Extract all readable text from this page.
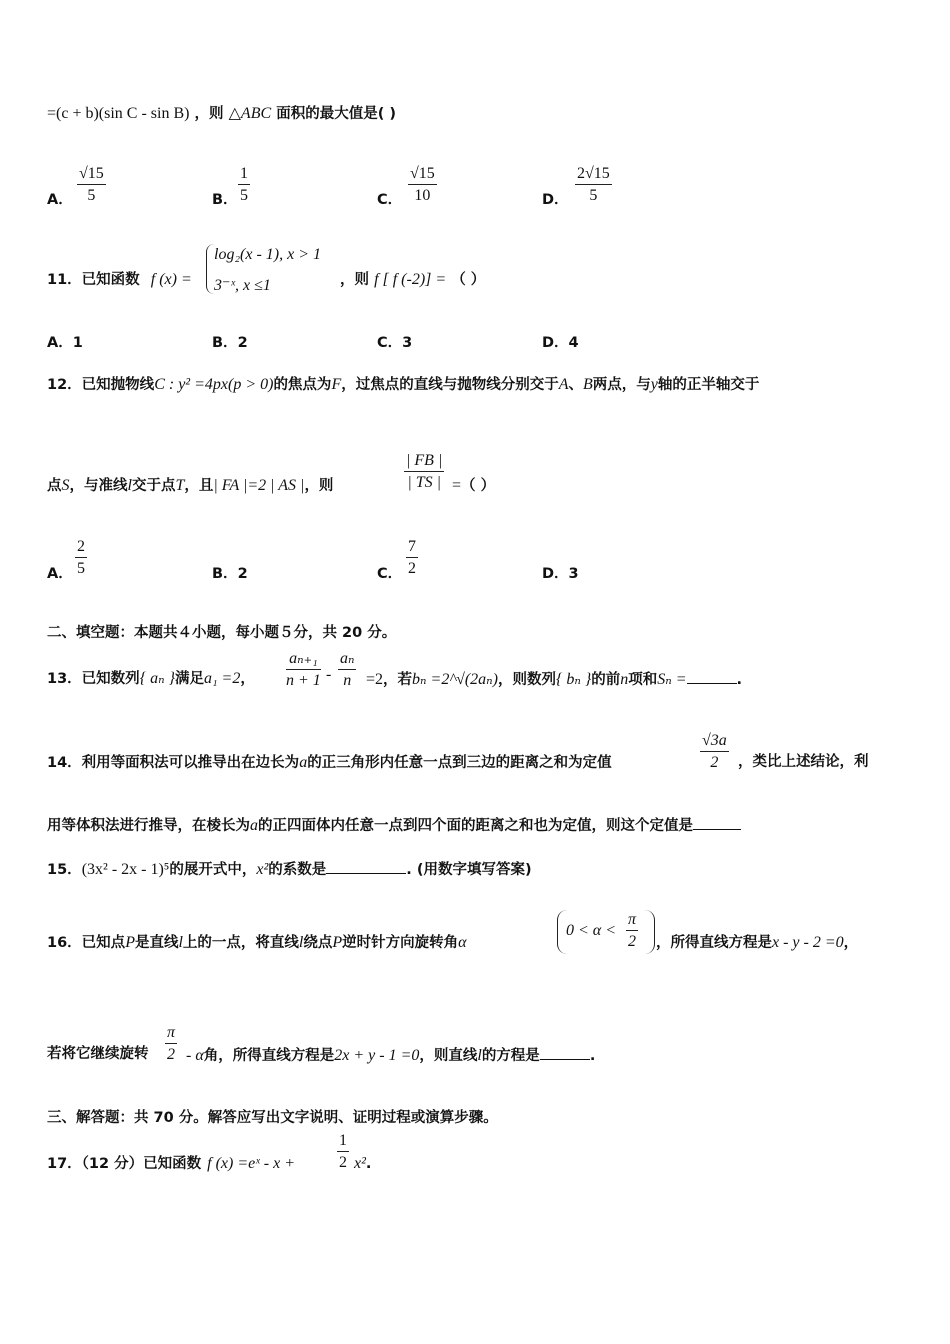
=(c + b)(sin C - sin B) ，则 △ABC 面积的最大值是( )
A． $\frac{√15}{5}$	B． $\frac{1}{5}$	C． $\frac{√15}{10}$	D． $\frac{2√15}{5}$
11．已知函数 f (x) =
log₂(x - 1), x > 1
3⁻ˣ, x ≤1	，则 f [ f (-2)] = （ ）
A．1	B．2	C．3	D．4
12．已知抛物线C : y² =4px(p > 0)的焦点为F，过焦点的直线与抛物线分别交于A、B两点，与y轴的正半轴交于
点S，与准线l交于点T，且| FA |=2 | AS |，则	$\frac{| FB |}{| TS |}$ =（ ）
A． $\frac{2}{5}$	B．2	C． $\frac{7}{2}$	D．3
二、填空题：本题共４小题，每小题５分，共 20 分。
13．已知数列{ aₙ }满足a₁ =2， $\frac{\text{aₙ₊₁}}{n + 1} - \frac{\text{aₙ}}{n} =2$，若bₙ =2^√(2aₙ)，则数列{ bₙ }的前n项和Sₙ =	.
14．利用等面积法可以推导出在边长为a的正三角形内任意一点到三边的距离之和为定值	$\frac{√3a}{2}$ ，类比上述结论，利
用等体积法进行推导，在棱长为a的正四面体内任意一点到四个面的距离之和也为定值，则这个定值是
15．(3x² - 2x - 1)⁵的展开式中，x²的系数是	. (用数字填写答案)
16．已知点P是直线l上的一点，将直线l绕点P逆时针方向旋转角α
$0 < \alpha < \frac{\pi}{2}$ ，所得直线方程是x - y - 2 =0，
若将它继续旋转 $\frac{\pi}{2}$ - α角，所得直线方程是2x + y - 1 =0，则直线l的方程是	.
三、解答题：共 70 分。解答应写出文字说明、证明过程或演算步骤。
17．（12 分）已知函数 f (x) =eˣ - x +	$\frac{1}{2} x^2$.
